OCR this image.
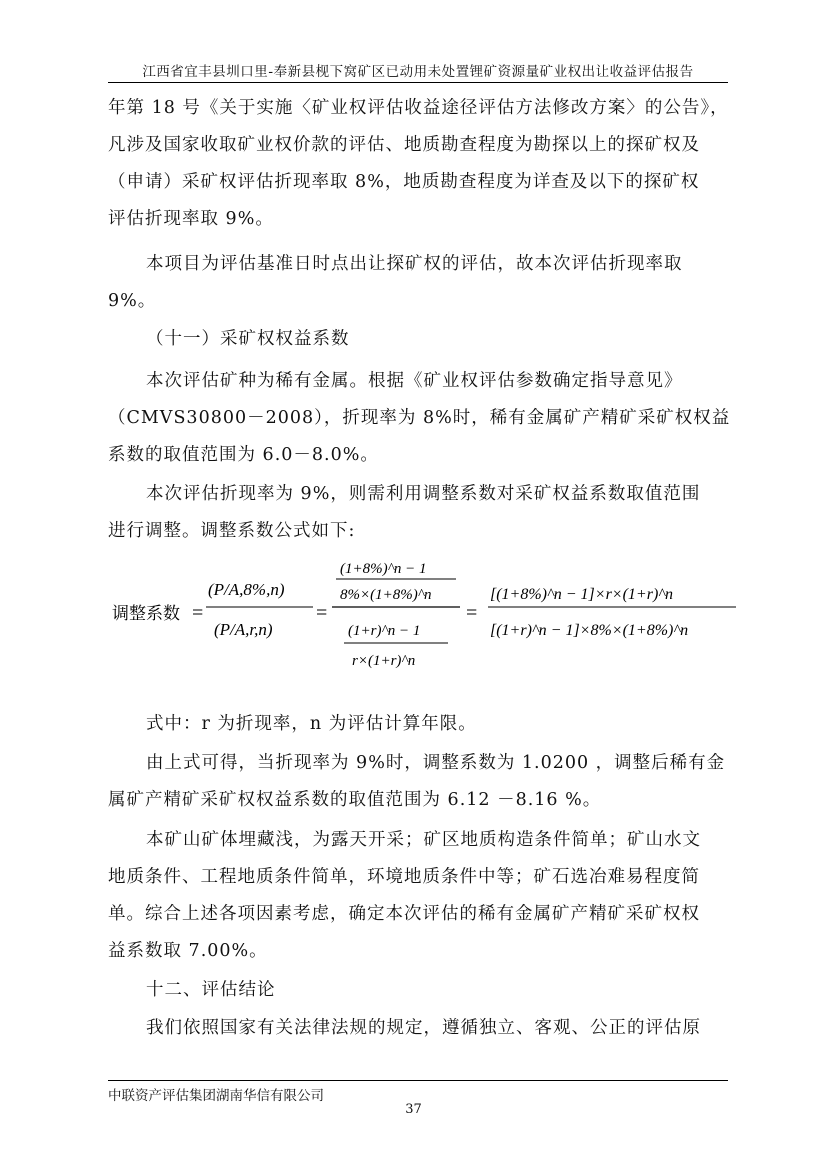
江西省宜丰县圳口里-奉新县枧下窝矿区已动用未处置锂矿资源量矿业权出让收益评估报告
年第 18 号《关于实施〈矿业权评估收益途径评估方法修改方案〉的公告》，
凡涉及国家收取矿业权价款的评估、地质勘查程度为勘探以上的探矿权及
（申请）采矿权评估折现率取 8%，地质勘查程度为详查及以下的探矿权
评估折现率取 9%。
本项目为评估基准日时点出让探矿权的评估，故本次评估折现率取
9%。
（十一）采矿权权益系数
本次评估矿种为稀有金属。根据《矿业权评估参数确定指导意见》
（CMVS30800－2008），折现率为 8%时，稀有金属矿产精矿采矿权权益
系数的取值范围为 6.0－8.0%。
本次评估折现率为 9%，则需利用调整系数对采矿权益系数取值范围
进行调整。调整系数公式如下:
调整系数 =
(P/A,8%,n)
(P/A,r,n)
=
(1+8%)^n − 1
8%×(1+8%)^n
(1+r)^n − 1
r×(1+r)^n
=
[(1+8%)^n − 1]×r×(1+r)^n
[(1+r)^n − 1]×8%×(1+8%)^n
式中：r 为折现率，n 为评估计算年限。
由上式可得，当折现率为 9%时，调整系数为 1.0200 ，调整后稀有金
属矿产精矿采矿权权益系数的取值范围为 6.12 －8.16 %。
本矿山矿体埋藏浅，为露天开采；矿区地质构造条件简单；矿山水文
地质条件、工程地质条件简单，环境地质条件中等；矿石选冶难易程度简
单。综合上述各项因素考虑，确定本次评估的稀有金属矿产精矿采矿权权
益系数取 7.00%。
十二、评估结论
我们依照国家有关法律法规的规定，遵循独立、客观、公正的评估原
中联资产评估集团湖南华信有限公司
37
